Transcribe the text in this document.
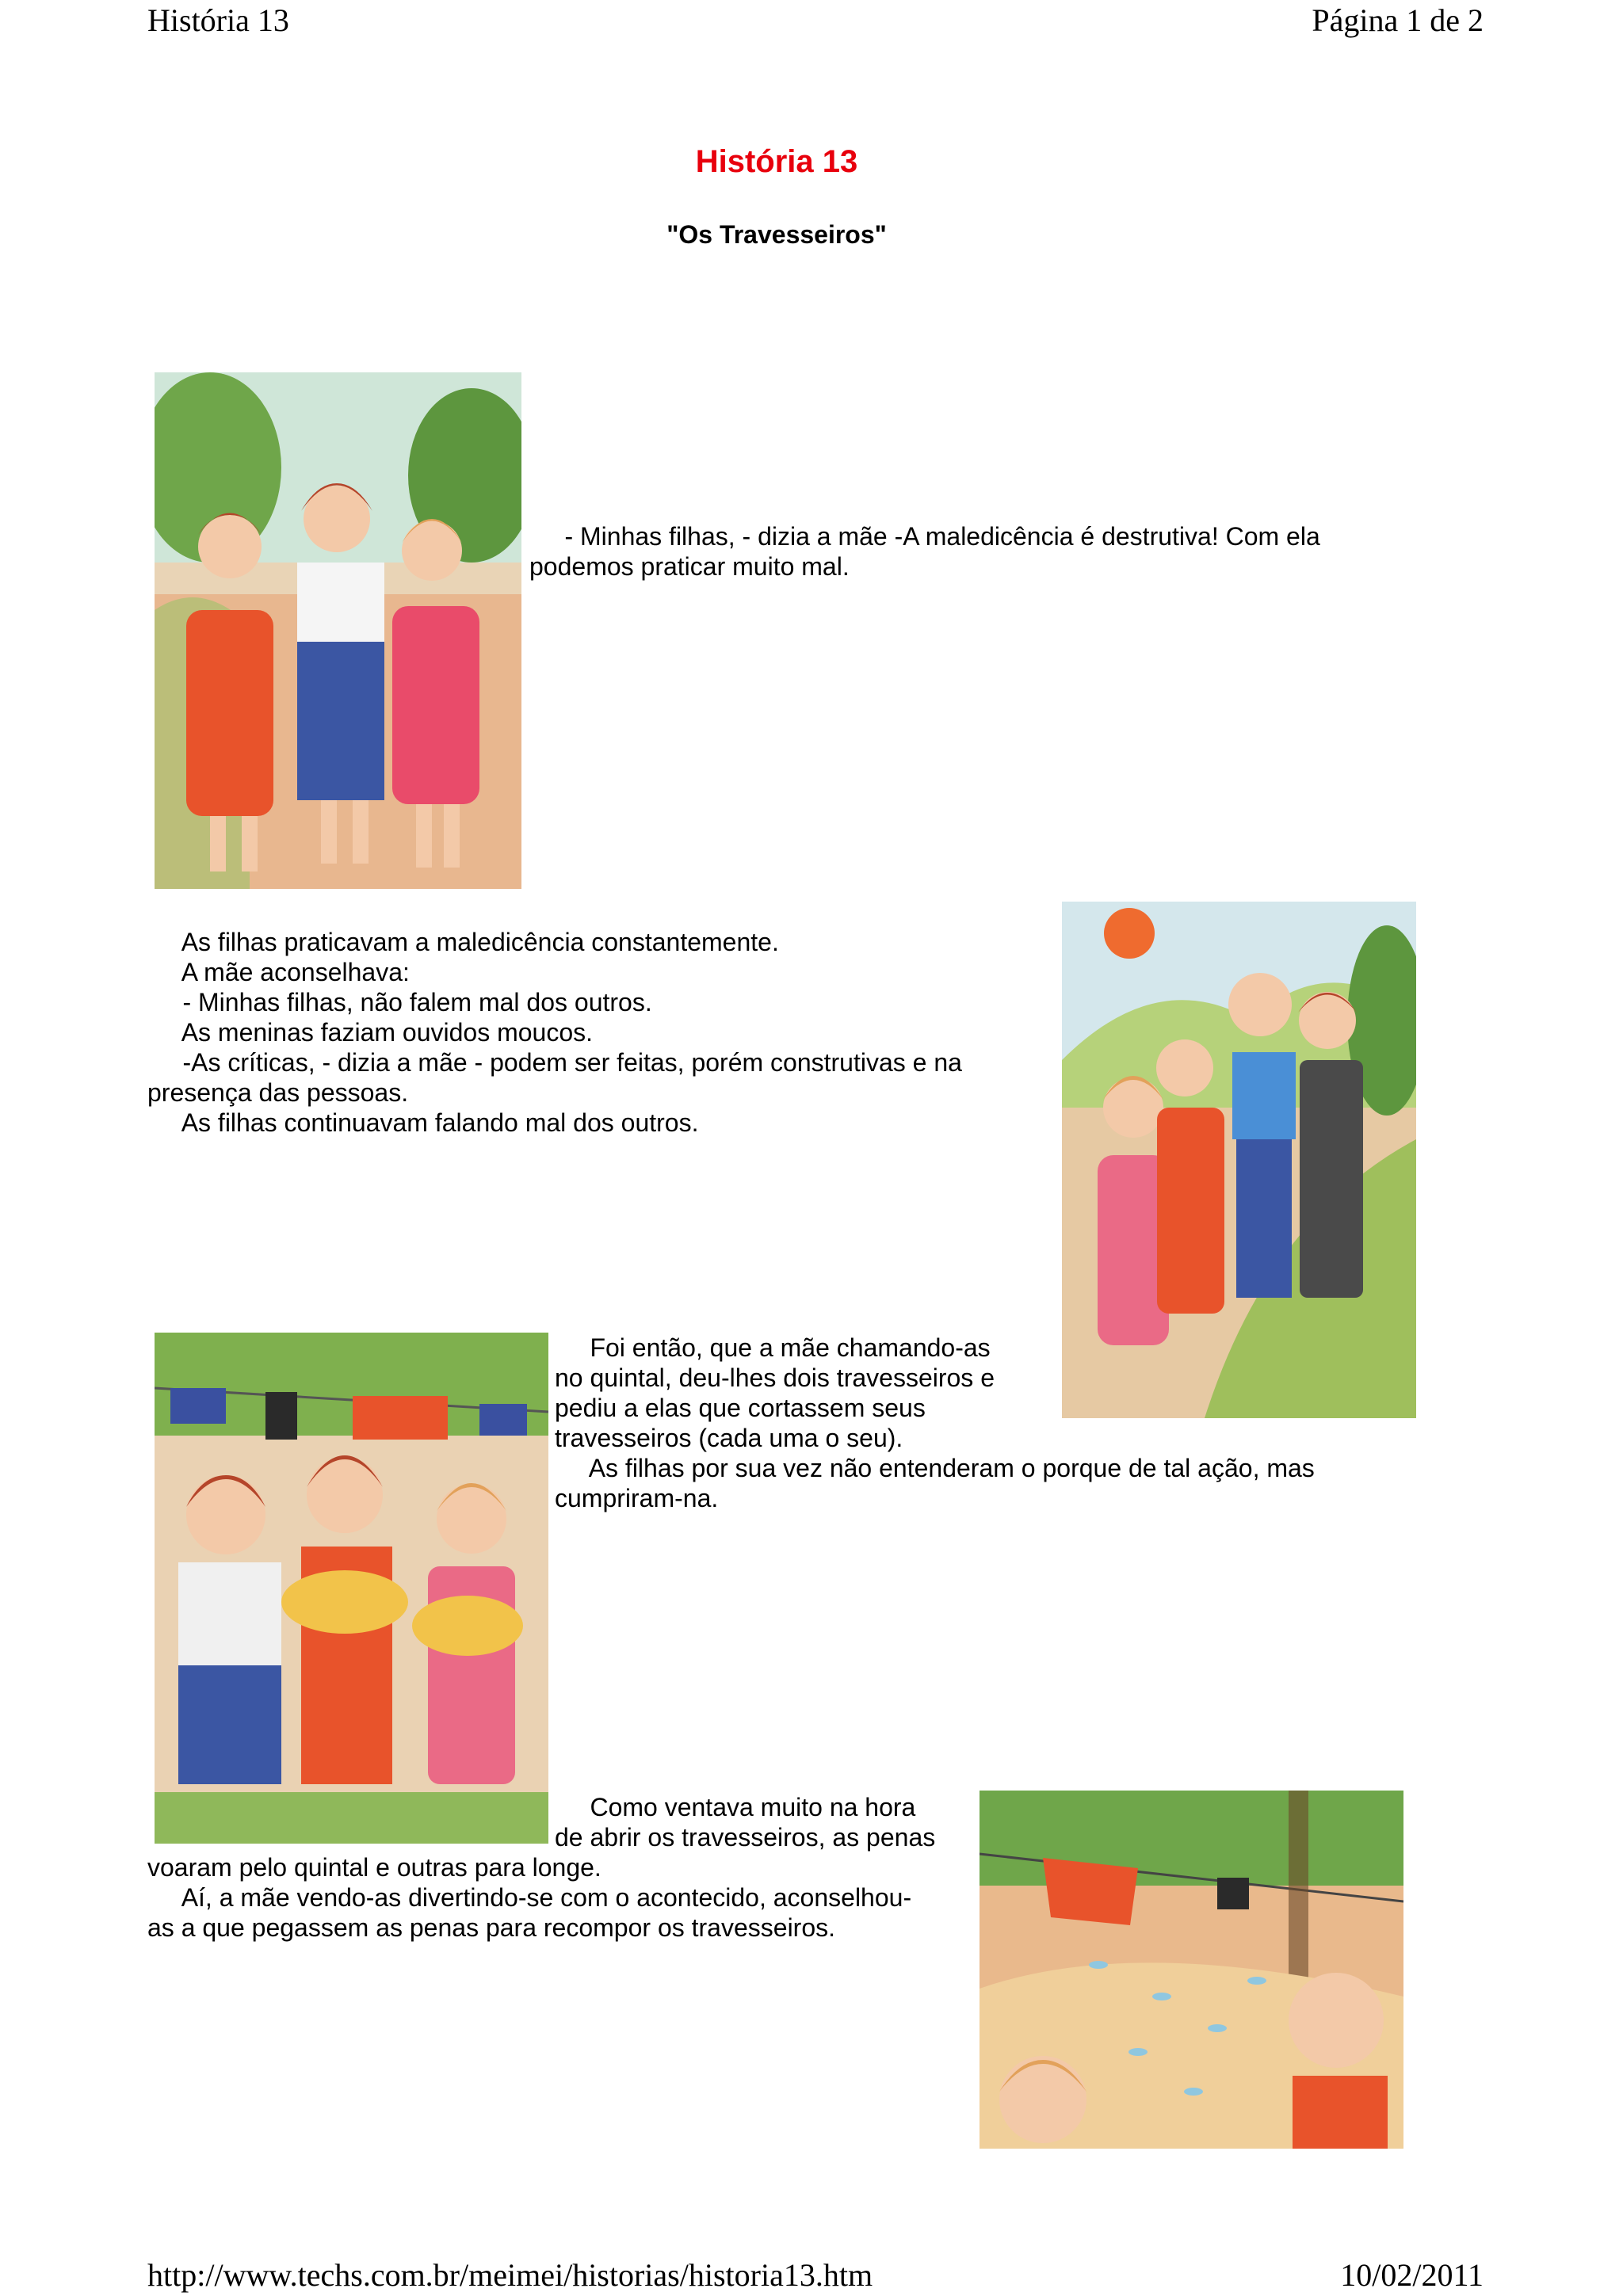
História 13	Página 1 de 2
História 13
"Os Travesseiros"
- Minhas filhas, - dizia a mãe -A maledicência é destrutiva! Com ela
podemos praticar muito mal.
As filhas praticavam a maledicência constantemente.
A mãe aconselhava:
- Minhas filhas, não falem mal dos outros.
As meninas faziam ouvidos moucos.
-As críticas, - dizia a mãe - podem ser feitas, porém construtivas e na
presença das pessoas.
As filhas continuavam falando mal dos outros.
Foi então, que a mãe chamando-as
no quintal, deu-lhes dois travesseiros e
pediu a elas que cortassem seus
travesseiros (cada uma o seu).
As filhas por sua vez não entenderam o porque de tal ação, mas
cumpriram-na.
Como ventava muito na hora
de abrir os travesseiros, as penas
voaram pelo quintal e outras para longe.
Aí, a mãe vendo-as divertindo-se com o acontecido, aconselhou-
as a que pegassem as penas para recompor os travesseiros.
http://www.techs.com.br/meimei/historias/historia13.htm	10/02/2011
